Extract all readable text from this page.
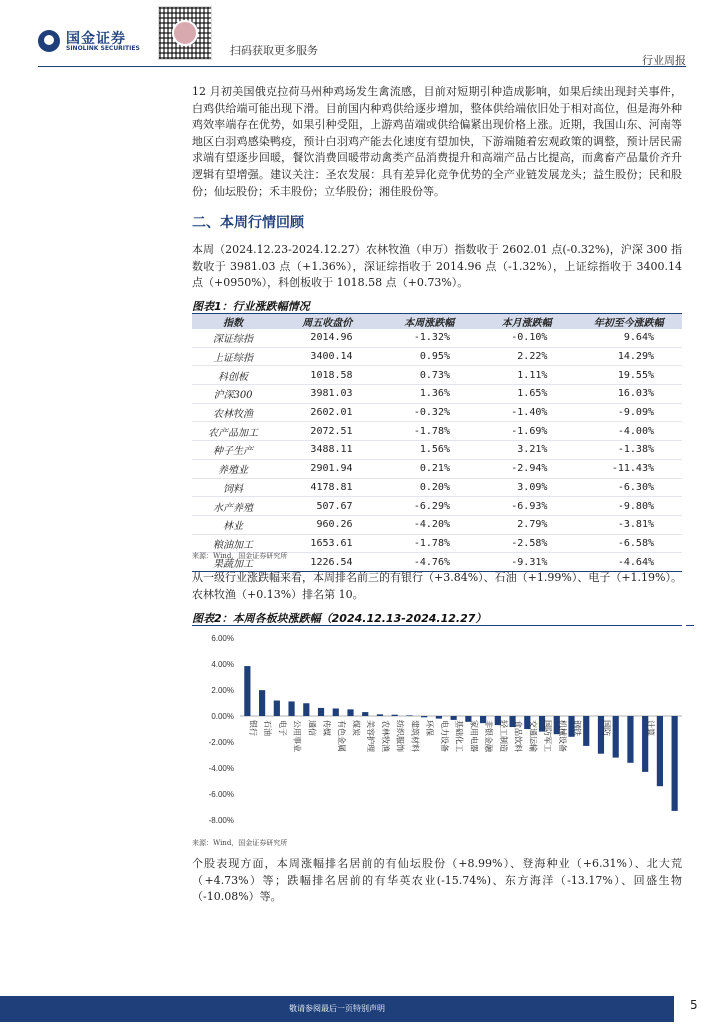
国金证券
SINOLINK SECURITIES	扫码获取更多服务
行业周报
12 月初美国俄克拉荷马州种鸡场发生禽流感，目前对短期引种造成影响，如果后续出现封关事件，白鸡供给端可能出现下滑。目前国内种鸡供给逐步增加，整体供给端依旧处于相对高位，但是海外种鸡效率端存在优势，如果引种受阻，上游鸡苗端或供给偏紧出现价格上涨。近期，我国山东、河南等地区白羽鸡感染鸭疫，预计白羽鸡产能去化速度有望加快，下游端随着宏观政策的调整，预计居民需求端有望逐步回暖，餐饮消费回暖带动禽类产品消费提升和高端产品占比提高，而禽畜产品量价齐升逻辑有望增强。建议关注：圣农发展：具有差异化竞争优势的全产业链发展龙头；益生股份；民和股份；仙坛股份；禾丰股份；立华股份；湘佳股份等。
二、本周行情回顾
本周（2024.12.23-2024.12.27）农林牧渔（申万）指数收于 2602.01 点(-0.32%)，沪深 300 指数收于 3981.03 点（+1.36%），深证综指收于 2014.96 点（-1.32%），上证综指收于 3400.14 点（+0950%），科创板收于 1018.58 点（+0.73%）。
图表1：行业涨跌幅情况
指数	周五收盘价	本周涨跌幅	本月涨跌幅	年初至今涨跌幅
深证综指	2014.96	-1.32%	-0.10%	9.64%
上证综指	3400.14	0.95%	2.22%	14.29%
科创板	1018.58	0.73%	1.11%	19.55%
沪深300	3981.03	1.36%	1.65%	16.03%
农林牧渔	2602.01	-0.32%	-1.40%	-9.09%
农产品加工	2072.51	-1.78%	-1.69%	-4.00%
种子生产	3488.11	1.56%	3.21%	-1.38%
养殖业	2901.94	0.21%	-2.94%	-11.43%
饲料	4178.81	0.20%	3.09%	-6.30%
水产养殖	507.67	-6.29%	-6.93%	-9.80%
林业	960.26	-4.20%	2.79%	-3.81%
粮油加工	1653.61	-1.78%	-2.58%	-6.58%
果蔬加工	1226.54	-4.76%	-9.31%	-4.64%
来源：Wind，国金证券研究所
从一级行业涨跌幅来看，本周排名前三的有银行（+3.84%）、石油（+1.99%）、电子（+1.19%）。农林牧渔（+0.13%）排名第 10。
图表2：本周各板块涨跌幅（2024.12.13-2024.12.27）
6.00%
4.00%
2.00%
0.00%
-2.00%
-4.00%
-6.00%
-8.00%
银行 石油 电子 公用事业 通信 传媒 有色金属 煤炭 美容护理 农林牧渔 纺织服饰 建筑材料 环保 电力设备 基础化工 家用电器 非银金融 轻工制造 食品饮料 交通运输 国防军工 机械设备 钢铁	国防	计算
来源：Wind，国金证券研究所
个股表现方面，本周涨幅排名居前的有仙坛股份（+8.99%）、登海种业（+6.31%）、北大荒（+4.73%）等；跌幅排名居前的有华英农业(-15.74%)、东方海洋（-13.17%）、回盛生物（-10.08%）等。
敬请参阅最后一页特别声明	5
